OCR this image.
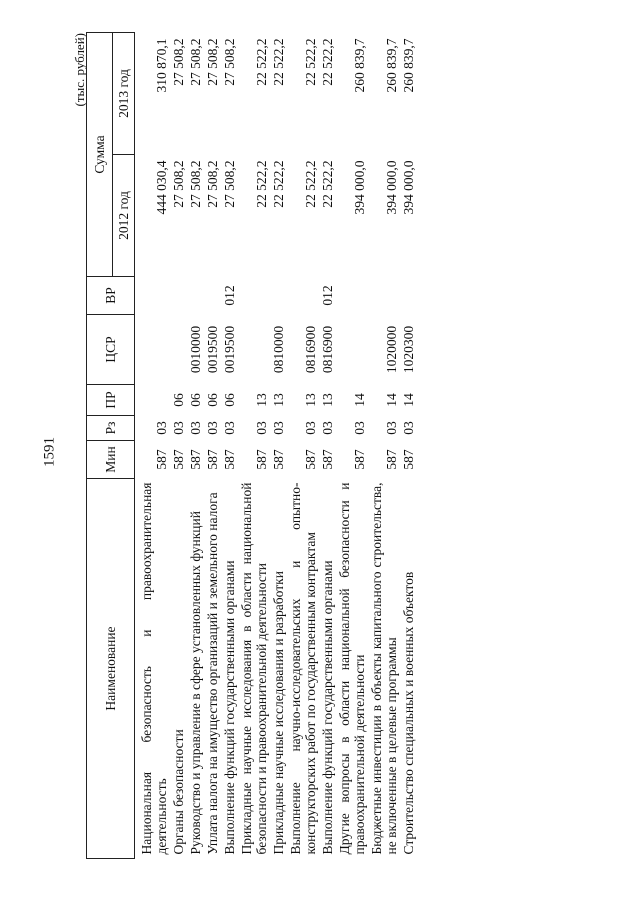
1591
(тыс. рублей)
Наименование	Мин	Рз	ПР	ЦСР	ВР	Сумма	
						2012 год	2013 год
Национальная безопасность и правоохранительная деятельность	587	03				444 030,4	310 870,1
Органы безопасности	587	03	06			27 508,2	27 508,2
Руководство и управление в сфере установленных функций	587	03	06	0010000		27 508,2	27 508,2
Уплата налога на имущество организаций и земельного налога	587	03	06	0019500		27 508,2	27 508,2
Выполнение функций государственными органами	587	03	06	0019500	012	27 508,2	27 508,2
Прикладные научные исследования в области национальной безопасности и правоохранительной деятельности	587	03	13			22 522,2	22 522,2
Прикладные научные исследования и разработки	587	03	13	0810000		22 522,2	22 522,2
Выполнение научно-исследовательских и опытно-конструкторских работ по государственным контрактам	587	03	13	0816900		22 522,2	22 522,2
Выполнение функций государственными органами	587	03	13	0816900	012	22 522,2	22 522,2
Другие вопросы в области национальной безопасности и правоохранительной деятельности	587	03	14			394 000,0	260 839,7
Бюджетные инвестиции в объекты капитального строительства, не включенные в целевые программы	587	03	14	1020000		394 000,0	260 839,7
Строительство специальных и военных объектов	587	03	14	1020300		394 000,0	260 839,7
